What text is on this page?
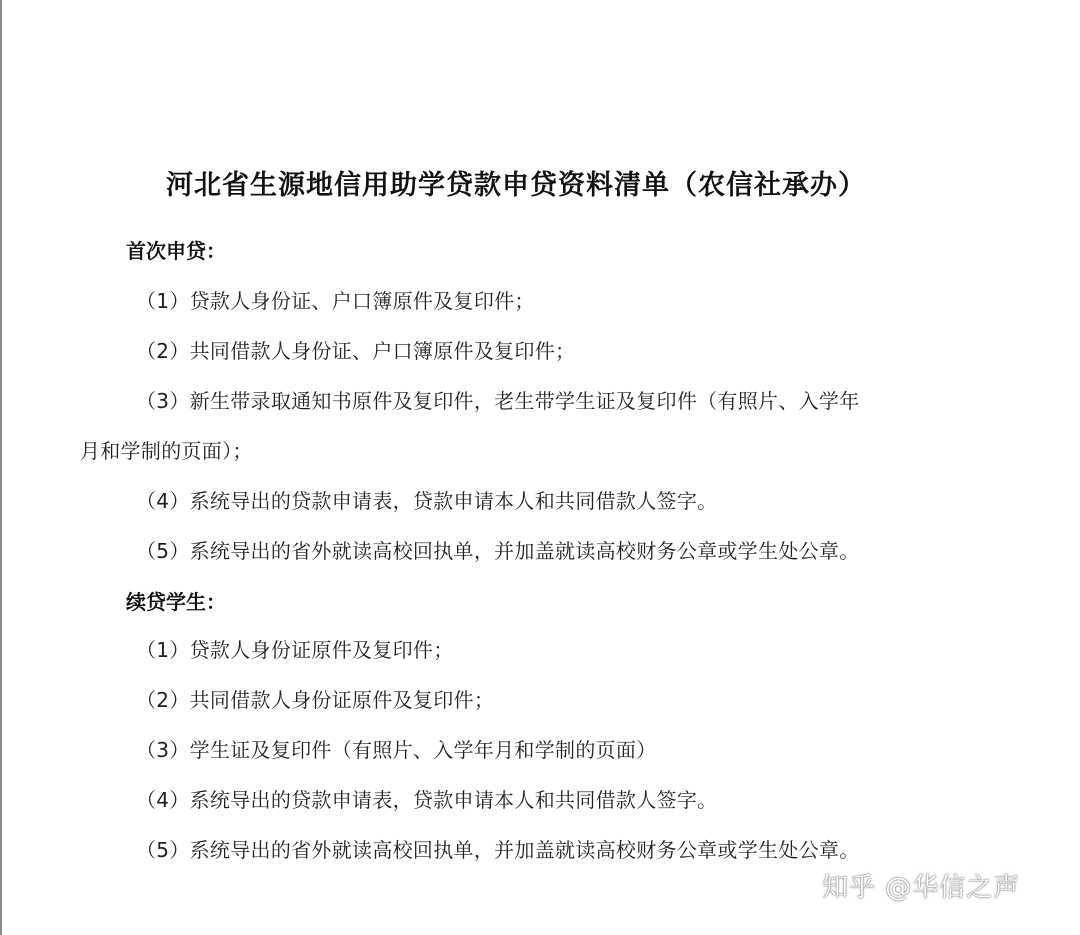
河北省生源地信用助学贷款申贷资料清单（农信社承办）
首次申贷：
（1）贷款人身份证、户口簿原件及复印件；
（2）共同借款人身份证、户口簿原件及复印件；
（3）新生带录取通知书原件及复印件，老生带学生证及复印件（有照片、入学年
月和学制的页面）；
（4）系统导出的贷款申请表，贷款申请本人和共同借款人签字。
（5）系统导出的省外就读高校回执单，并加盖就读高校财务公章或学生处公章。
续贷学生：
（1）贷款人身份证原件及复印件；
（2）共同借款人身份证原件及复印件；
（3）学生证及复印件（有照片、入学年月和学制的页面）
（4）系统导出的贷款申请表，贷款申请本人和共同借款人签字。
（5）系统导出的省外就读高校回执单，并加盖就读高校财务公章或学生处公章。
知乎 @华信之声
